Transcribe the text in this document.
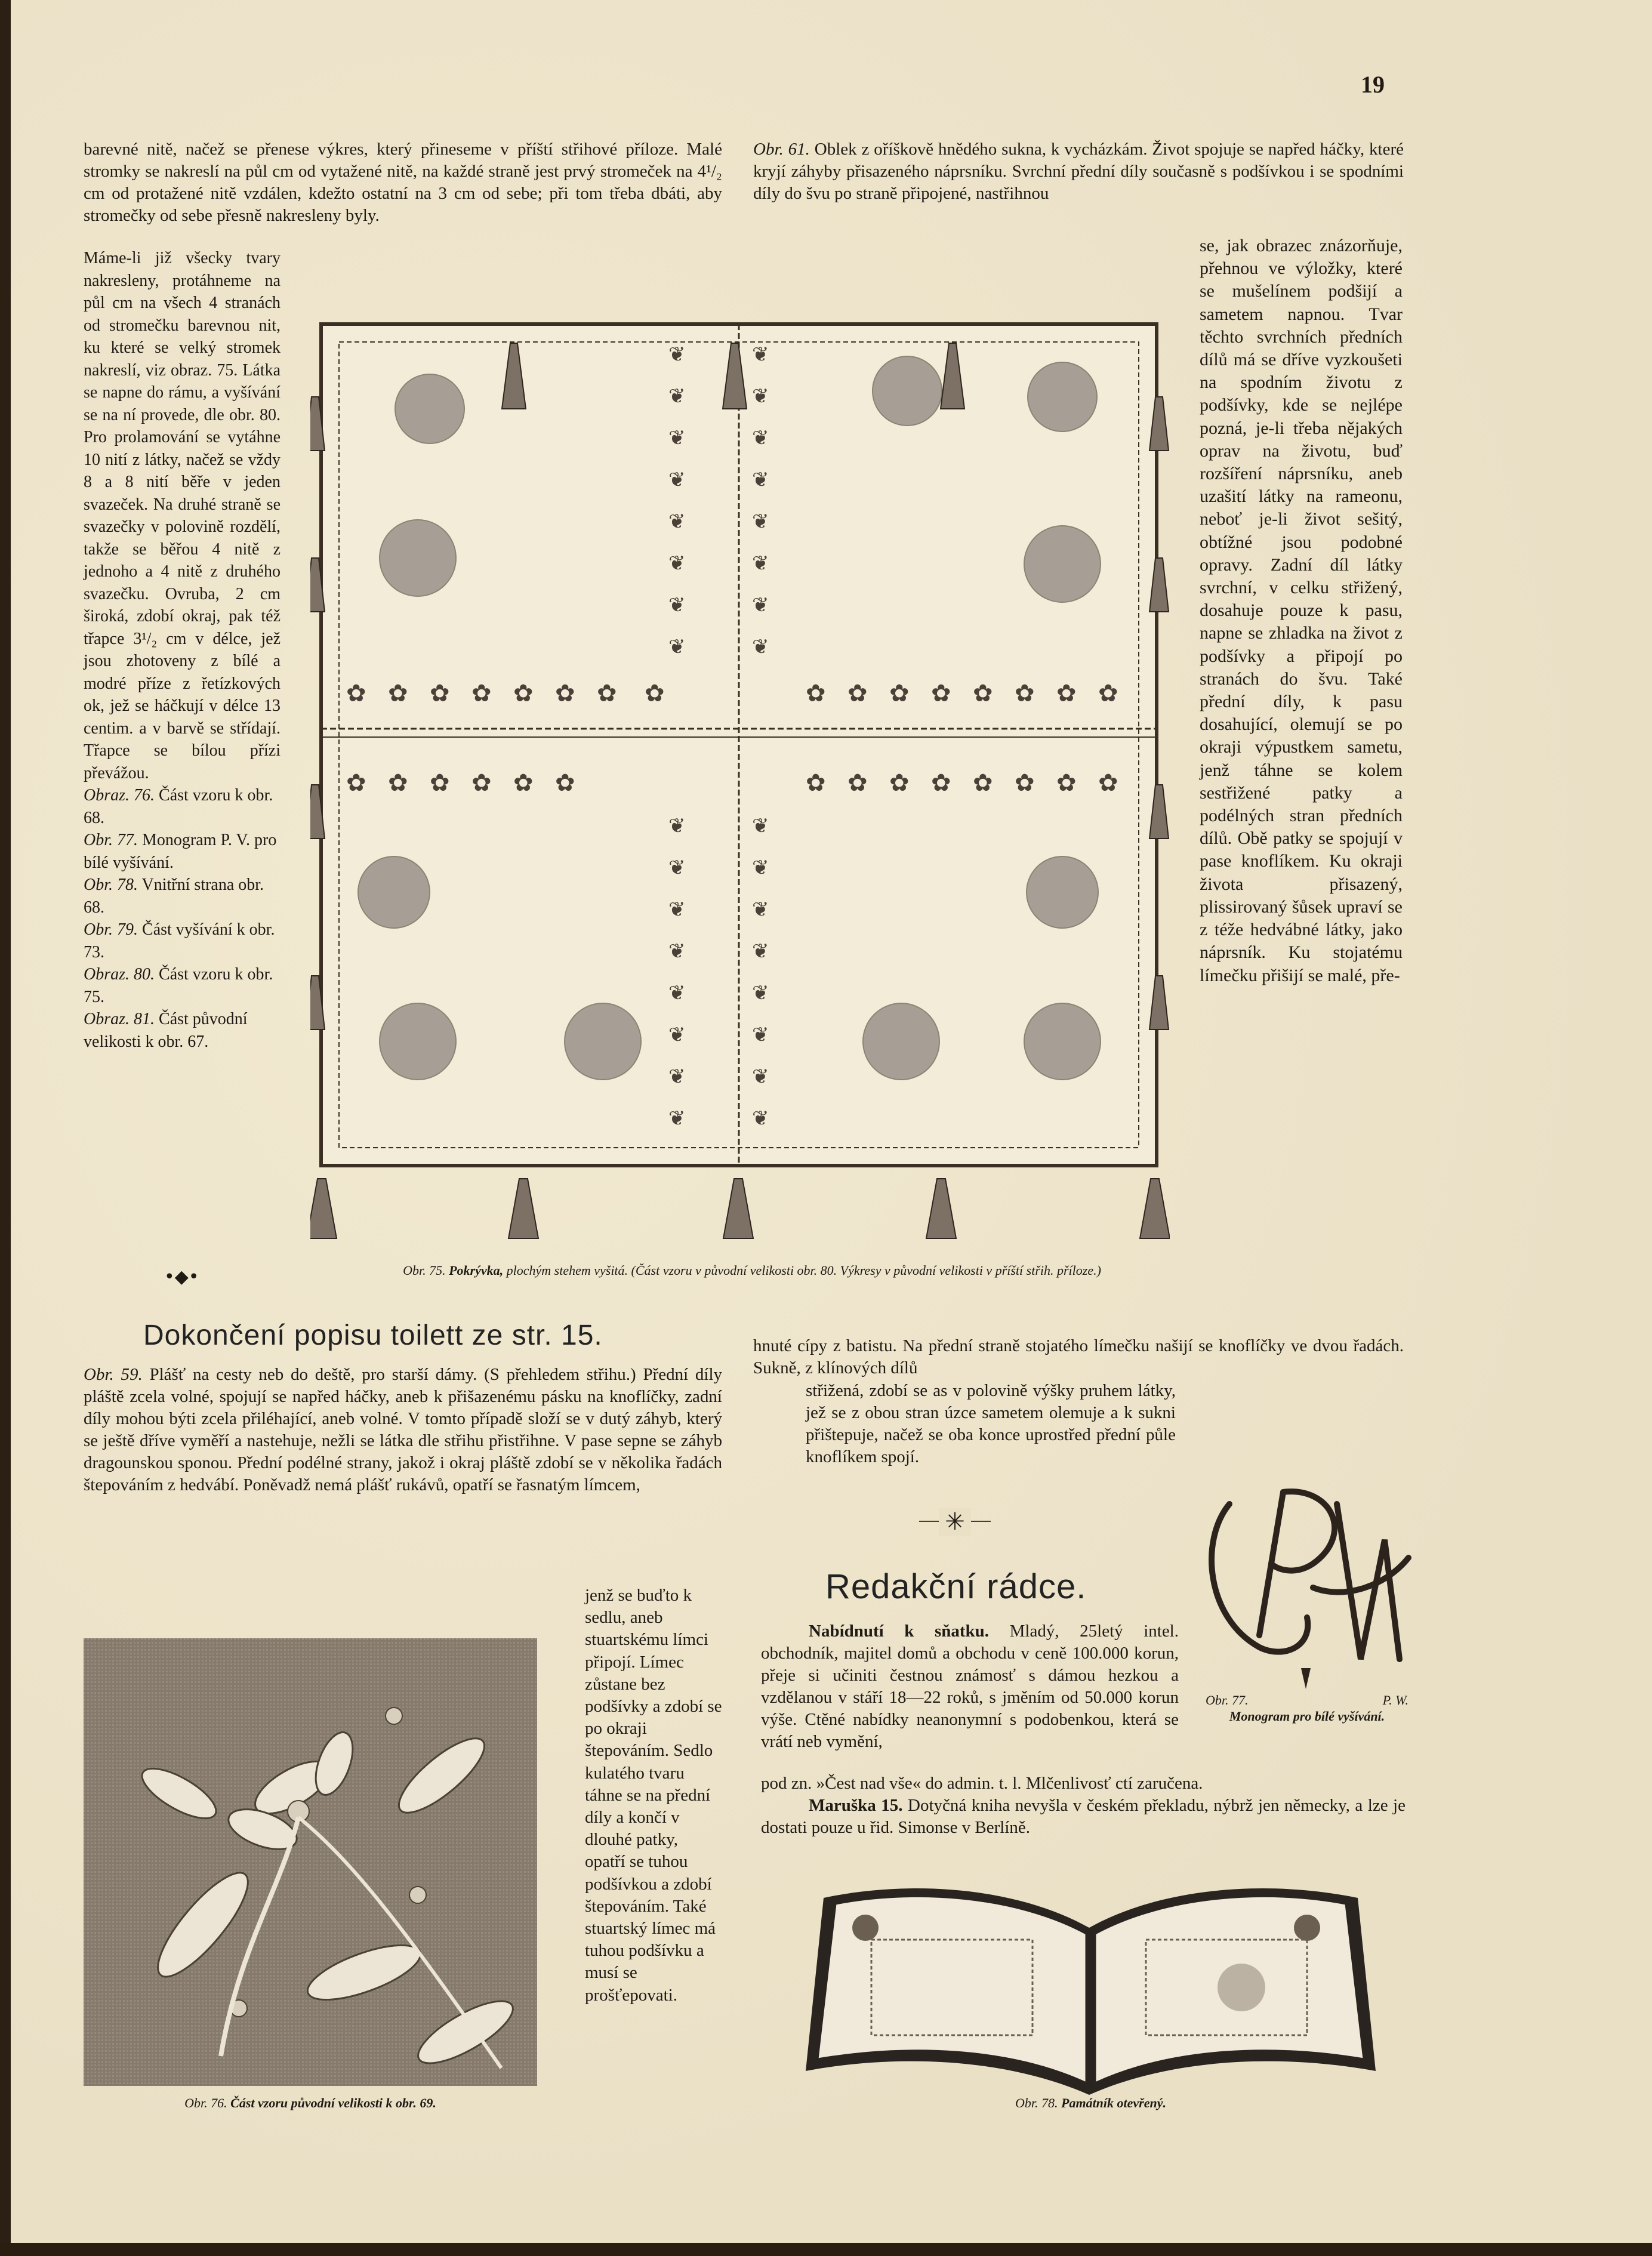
19

barevné nitě, načež se přenese výkres, který přineseme v příští střihové příloze. Malé stromky se nakreslí na půl cm od vytažené nitě, na každé straně jest prvý stromeček na 4¹/₂ cm od protažené nitě vzdálen, kdežto ostatní na 3 cm od sebe; při tom třeba dbáti, aby stromečky od sebe přesně nakresleny byly.

Máme-li již všecky tvary nakresleny, protáhneme na půl cm na všech 4 stranách od stromečku barevnou nit, ku které se velký stromek nakreslí, viz obraz. 75. Látka se napne do rámu, a vyšívání se na ní provede, dle obr. 80. Pro prolamování se vytáhne 10 nití z látky, načež se vždy 8 a 8 nití běře v jeden svazeček. Na druhé straně se svazečky v polovině rozdělí, takže se běřou 4 nitě z jednoho a 4 nitě z druhého svazečku. Ovruba, 2 cm široká, zdobí okraj, pak též třapce 3¹/₂ cm v délce, jež jsou zhotoveny z bílé a modré příze z řetízkových ok, jež se háčkují v délce 13 centim. a v barvě se střídají. Třapce se bílou přízi převážou.

Obraz. 76. Část vzoru k obr. 68.

Obr. 77. Monogram P. V. pro bílé vyšívání.

Obr. 78. Vnitřní strana obr. 68.

Obr. 79. Část vyšívání k obr. 73.

Obraz. 80. Část vzoru k obr. 75.

Obraz. 81. Část původní velikosti k obr. 67.

•◆•

Obr. 61. Oblek z oříškově hnědého sukna, k vycházkám. Život spojuje se napřed háčky, které kryjí záhyby přisazeného náprsníku. Svrchní přední díly současně s podšívkou i se spodními díly do švu po straně připojené, nastřihnou

se, jak obrazec znázorňuje, přehnou ve výložky, které se mušelínem podšijí a sametem napnou. Tvar těchto svrchních předních dílů má se dříve vyzkoušeti na spodním životu z podšívky, kde se nejlépe pozná, je-li třeba nějakých oprav na životu, buď rozšíření náprsníku, aneb uzašití látky na rameonu, neboť je-li život sešitý, obtížné jsou podobné opravy. Zadní díl látky svrchní, v celku střižený, dosahuje pouze k pasu, napne se zhladka na život z podšívky a připojí po stranách do švu. Také přední díly, k pasu dosahující, olemují se po okraji výpustkem sametu, jenž táhne se kolem sestřižené patky a podélných stran předních dílů. Obě patky se spojují v pase knoflíkem. Ku okraji života přisazený, plissirovaný šůsek upraví se z téže hedvábné látky, jako náprsník. Ku stojatému límečku přišijí se malé, pře-

✿ ✿ ✿ ✿ ✿ ✿ ✿ ✿	✿ ✿ ✿ ✿ ✿ ✿ ✿ ✿
✿ ✿ ✿ ✿ ✿ ✿	✿ ✿ ✿ ✿ ✿ ✿ ✿ ✿
❦
❦
❦
❦
❦
❦
❦
❦
❦
❦
❦
❦
❦
❦
❦
❦
❦
❦
❦
❦
❦
❦
❦
❦
❦
❦
❦
❦
❦
❦
❦
❦
Obr. 75. Pokrývka, plochým stehem vyšitá. (Část vzoru v původní velikosti obr. 80. Výkresy v původní velikosti v příští střih. příloze.)

hnuté cípy z batistu. Na přední straně stojatého límečku našijí se knoflíčky ve dvou řadách. Sukně, z klínových dílů

střižená, zdobí se as v polovině výšky pruhem látky, jež se z obou stran úzce sametem olemuje a k sukni přištepuje, načež se oba konce uprostřed přední půle knoflíkem spojí.

✳
Dokončení popisu toilett ze str. 15.

Obr. 59. Plášť na cesty neb do deště, pro starší dámy. (S přehledem střihu.) Přední díly pláště zcela volné, spojují se napřed háčky, aneb k přišazenému pásku na knoflíčky, zadní díly mohou býti zcela přiléhající, aneb volné. V tomto případě složí se v dutý záhyb, který se ještě dříve vyměří a nastehuje, nežli se látka dle střihu přistřihne. V pase sepne se záhyb dragounskou sponou. Přední podélné strany, jakož i okraj pláště zdobí se v několika řadách štepováním z hedvábí. Poněvadž nemá plášť rukávů, opatří se řasnatým límcem,

jenž se buďto k sedlu, aneb stuartskému límci připojí. Límec zůstane bez podšívky a zdobí se po okraji štepováním. Sedlo kulatého tvaru táhne se na přední díly a končí v dlouhé patky, opatří se tuhou podšívkou a zdobí štepováním. Také stuartský límec má tuhou podšívku a musí se prošťepovati.

Obr. 76. Část vzoru původní velikosti k obr. 69.
Redakční rádce.

Nabídnutí k sňatku. Mladý, 25letý intel. obchodník, majitel domů a obchodu v ceně 100.000 korun, přeje si učiniti čestnou známosť s dámou hezkou a vzdělanou v stáří 18—22 roků, s jměním od 50.000 korun výše. Ctěné nabídky neanonymní s podobenkou, která se vrátí neb vymění,

pod zn. »Čest nad vše« do admin. t. l. Mlčenlivosť ctí zaručena.

Maruška 15. Dotyčná kniha nevyšla v českém překladu, nýbrž jen německy, a lze je dostati pouze u řid. Simonse v Berlíně.

Obr. 77.	P. W.
Monogram pro bílé vyšívání.
Obr. 78. Památník otevřený.
